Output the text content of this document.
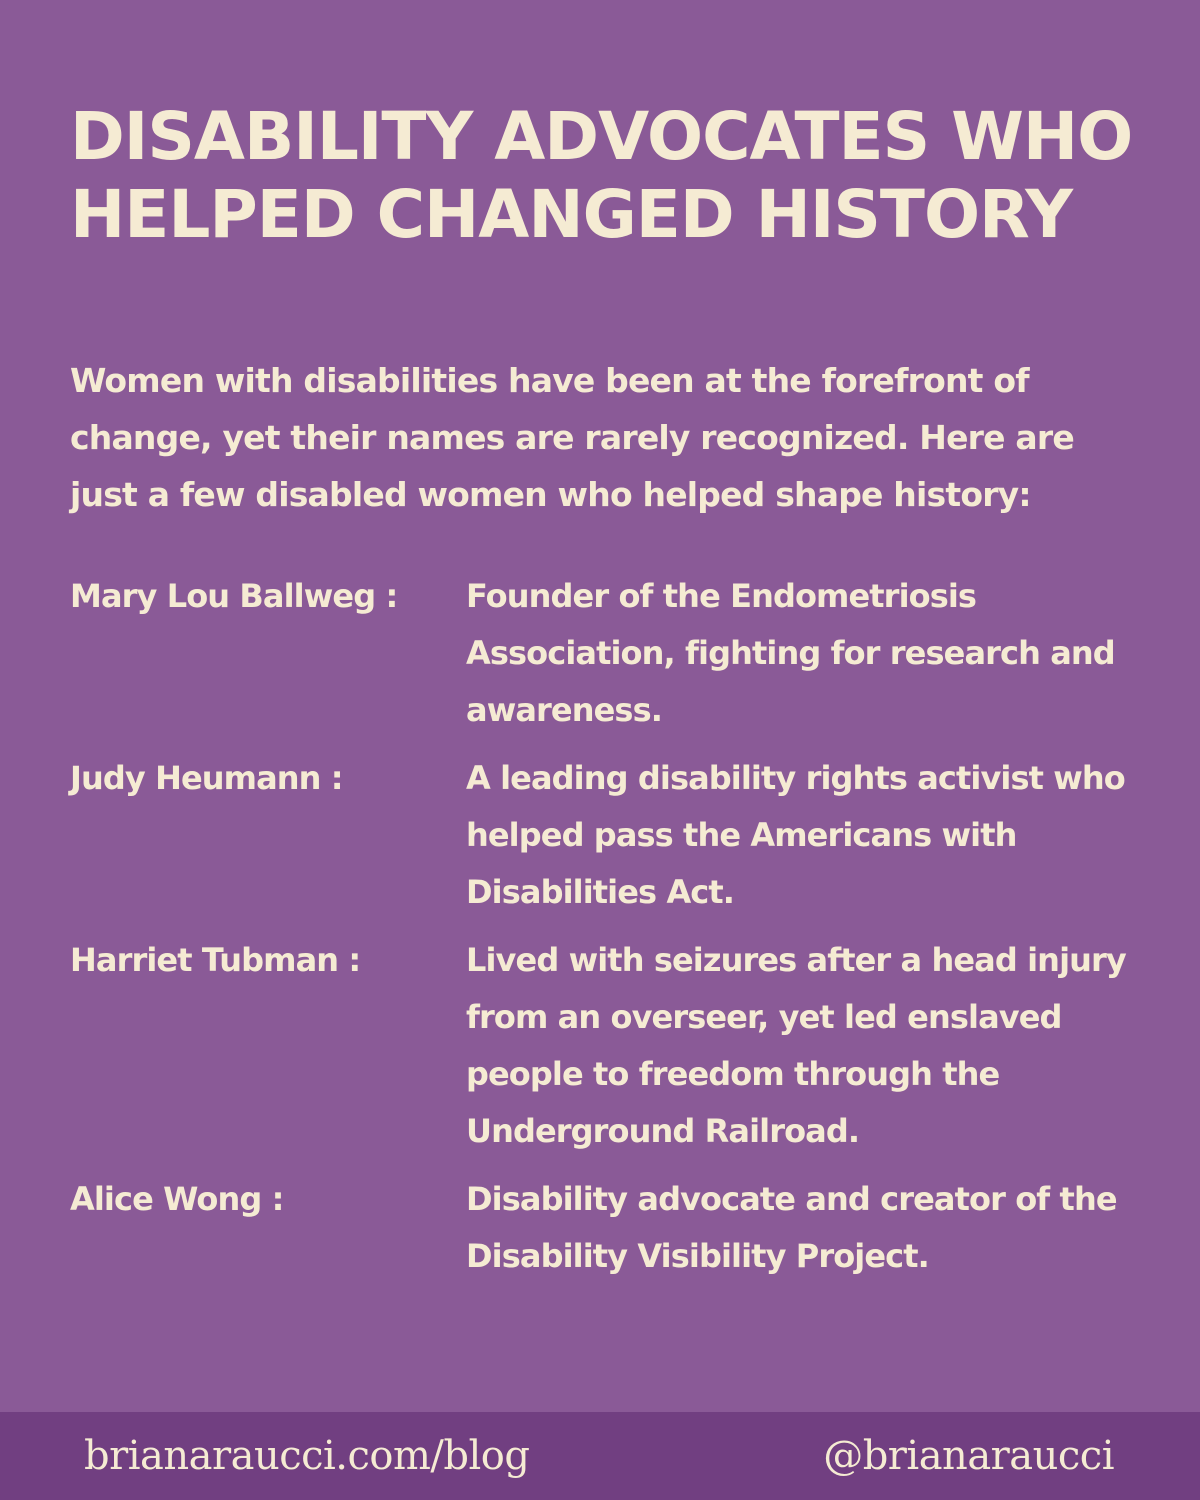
DISABILITY ADVOCATES WHO HELPED CHANGED HISTORY

Women with disabilities have been at the forefront of change, yet their names are rarely recognized. Here are just a few disabled women who helped shape history:

Mary Lou Ballweg :	Founder of the Endometriosis Association, fighting for research and awareness.
Judy Heumann :	A leading disability rights activist who helped pass the Americans with Disabilities Act.
Harriet Tubman :	Lived with seizures after a head injury from an overseer, yet led enslaved people to freedom through the Underground Railroad.
Alice Wong :	Disability advocate and creator of the Disability Visibility Project.
brianaraucci.com/blog	@brianaraucci
